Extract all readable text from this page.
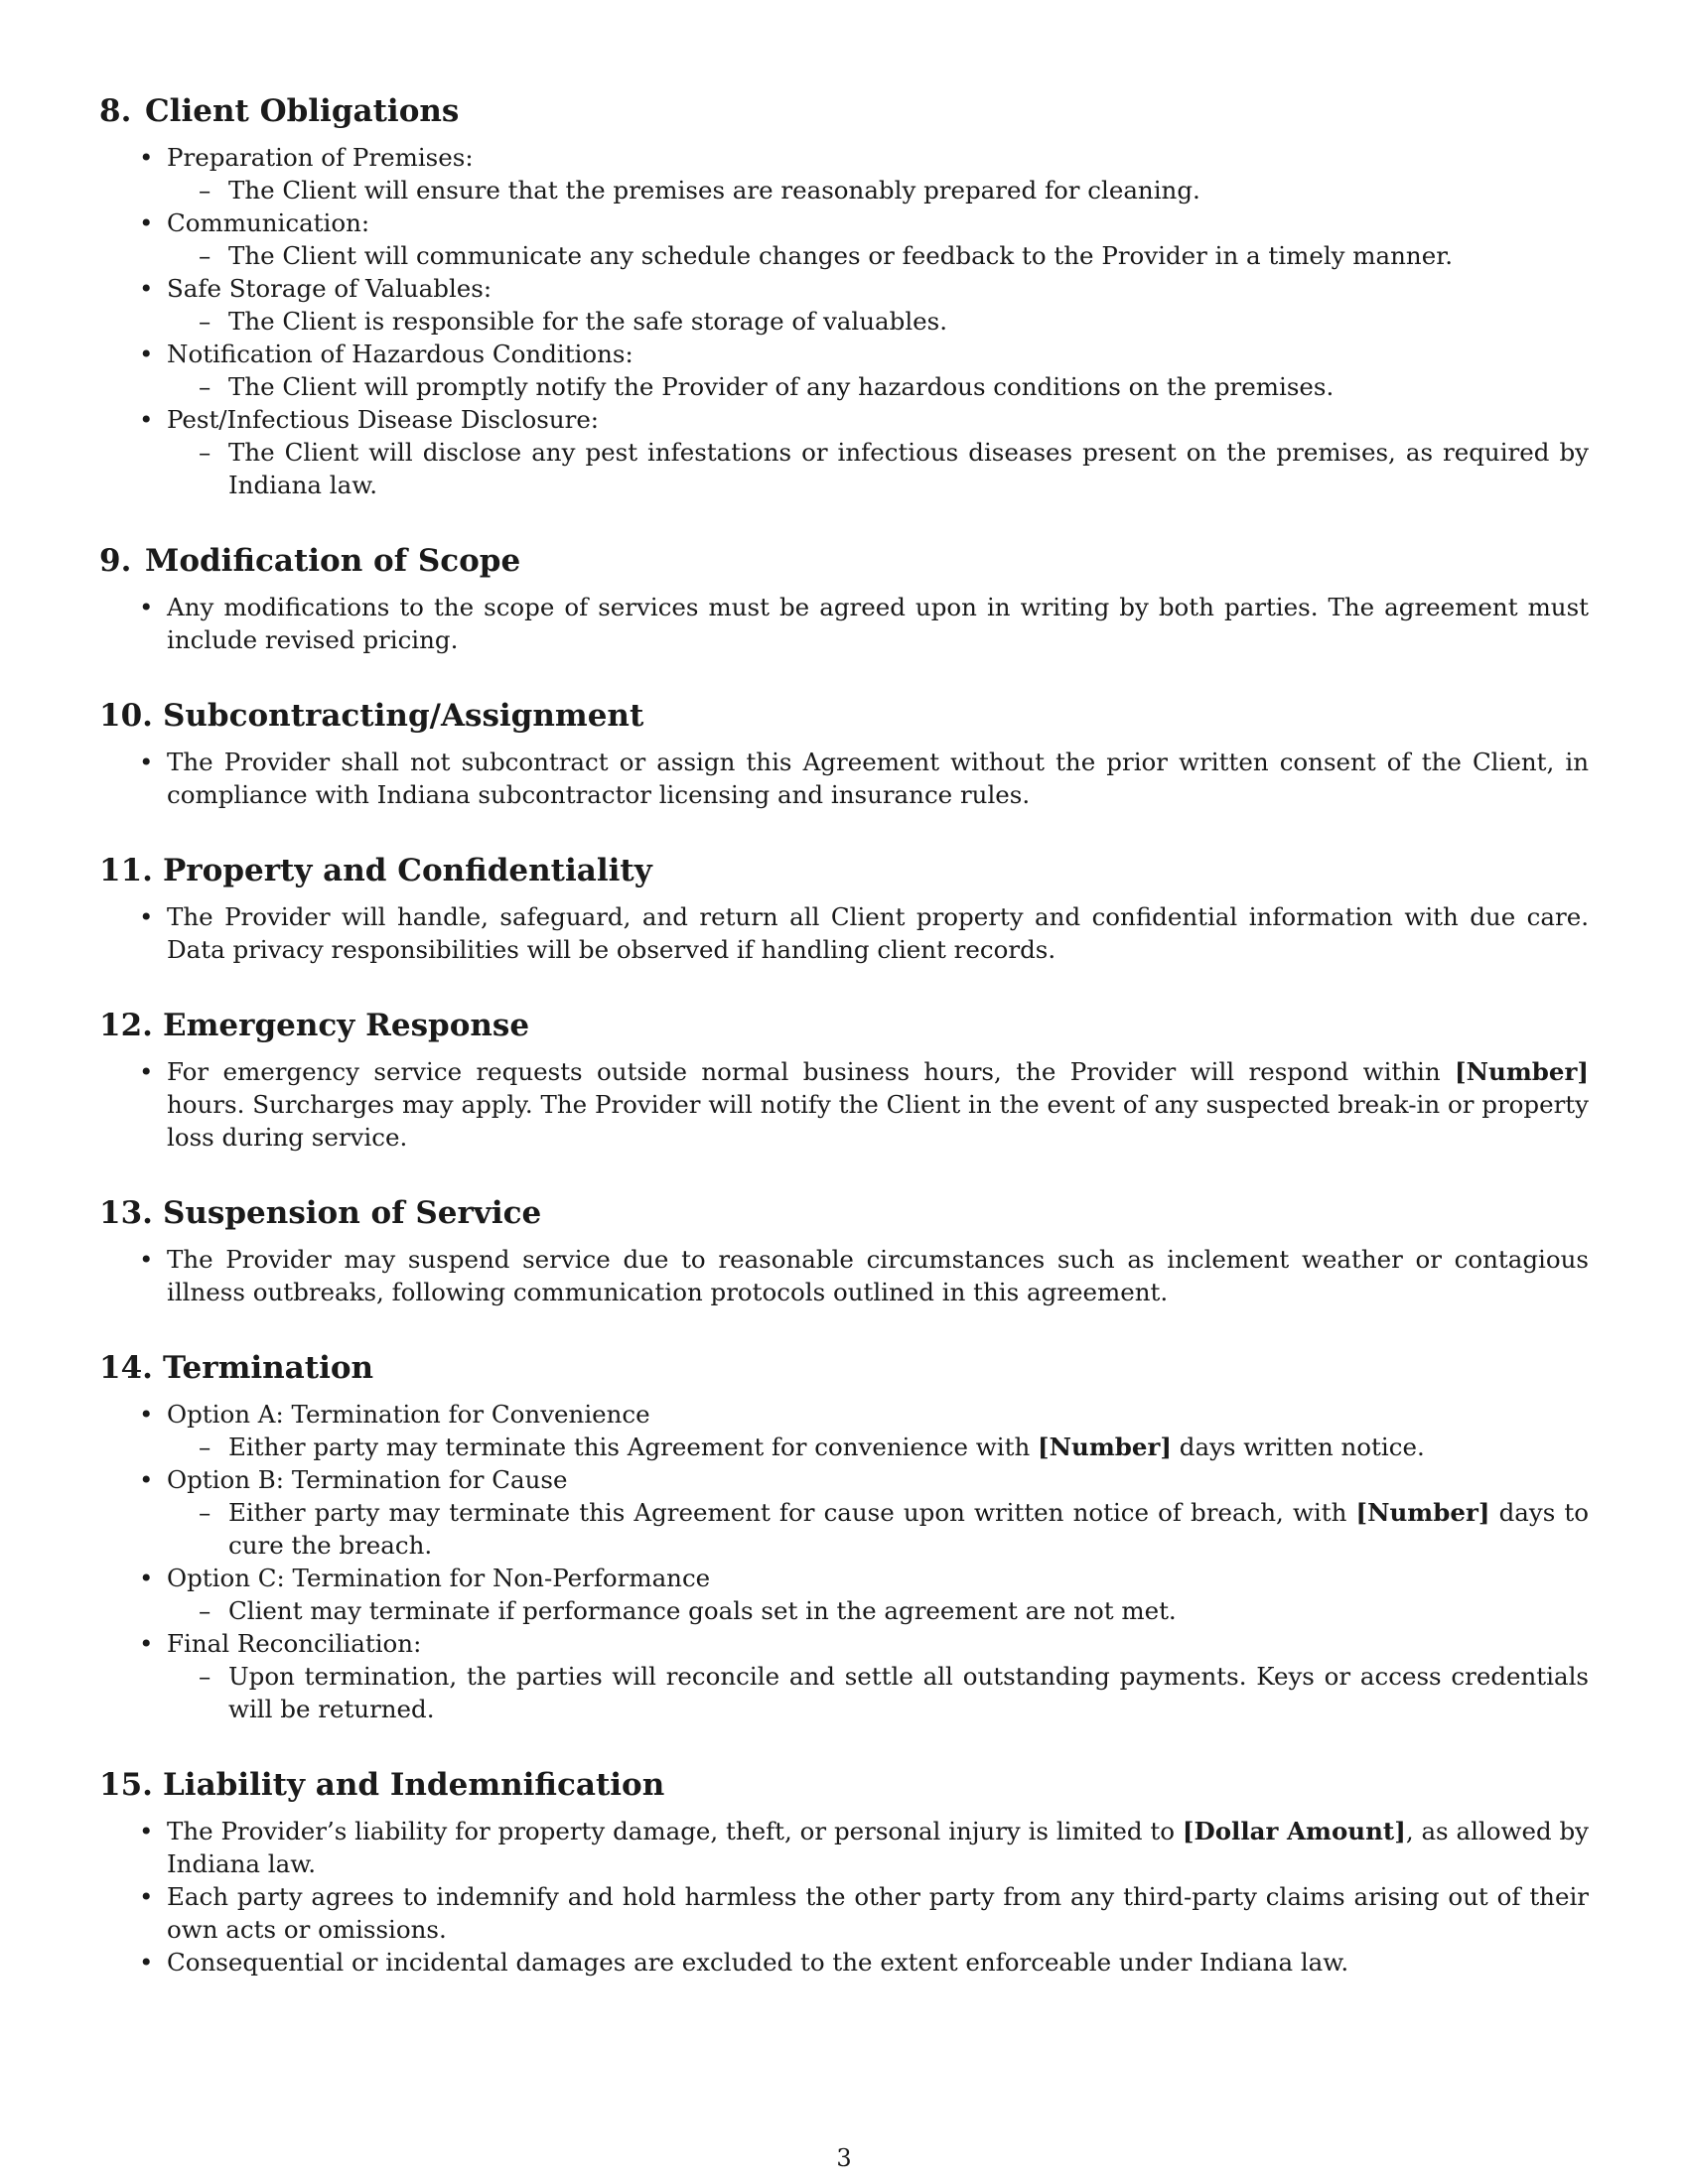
8. Client Obligations
• Preparation of Premises:
– The Client will ensure that the premises are reasonably prepared for cleaning.
• Communication:
– The Client will communicate any schedule changes or feedback to the Provider in a timely manner.
• Safe Storage of Valuables:
– The Client is responsible for the safe storage of valuables.
• Notification of Hazardous Conditions:
– The Client will promptly notify the Provider of any hazardous conditions on the premises.
• Pest/Infectious Disease Disclosure:
– The Client will disclose any pest infestations or infectious diseases present on the premises, as required by Indiana law.
9. Modification of Scope
• Any modifications to the scope of services must be agreed upon in writing by both parties. The agreement must include revised pricing.
10. Subcontracting/Assignment
• The Provider shall not subcontract or assign this Agreement without the prior written consent of the Client, in compliance with Indiana subcontractor licensing and insurance rules.
11. Property and Confidentiality
• The Provider will handle, safeguard, and return all Client property and confidential information with due care. Data privacy responsibilities will be observed if handling client records.
12. Emergency Response
• For emergency service requests outside normal business hours, the Provider will respond within [Number] hours. Surcharges may apply. The Provider will notify the Client in the event of any suspected break-in or property loss during service.
13. Suspension of Service
• The Provider may suspend service due to reasonable circumstances such as inclement weather or contagious illness outbreaks, following communication protocols outlined in this agreement.
14. Termination
• Option A: Termination for Convenience
– Either party may terminate this Agreement for convenience with [Number] days written notice.
• Option B: Termination for Cause
– Either party may terminate this Agreement for cause upon written notice of breach, with [Number] days to cure the breach.
• Option C: Termination for Non-Performance
– Client may terminate if performance goals set in the agreement are not met.
• Final Reconciliation:
– Upon termination, the parties will reconcile and settle all outstanding payments. Keys or access credentials will be returned.
15. Liability and Indemnification
• The Provider’s liability for property damage, theft, or personal injury is limited to [Dollar Amount], as allowed by Indiana law.
• Each party agrees to indemnify and hold harmless the other party from any third-party claims arising out of their own acts or omissions.
• Consequential or incidental damages are excluded to the extent enforceable under Indiana law.
3
